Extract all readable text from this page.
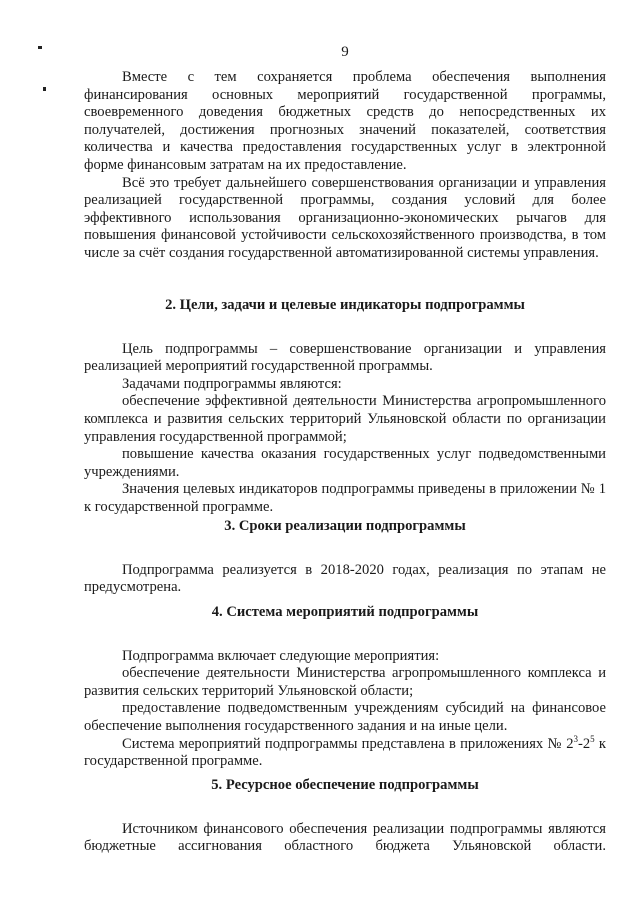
9

Вместе с тем сохраняется проблема обеспечения выполнения финансирования основных мероприятий государственной программы, своевременного доведения бюджетных средств до непосредственных их получателей, достижения прогнозных значений показателей, соответствия количества и качества предоставления государственных услуг в электронной форме финансовым затратам на их предоставление.

Всё это требует дальнейшего совершенствования организации и управления реализацией государственной программы, создания условий для более эффективного использования организационно-экономических рычагов для повышения финансовой устойчивости сельскохозяйственного производства, в том числе за счёт создания государственной автоматизированной системы управления.

2. Цели, задачи и целевые индикаторы подпрограммы

Цель подпрограммы – совершенствование организации и управления реализацией мероприятий государственной программы.

Задачами подпрограммы являются:

обеспечение эффективной деятельности Министерства агропромышленного комплекса и развития сельских территорий Ульяновской области по организации управления государственной программой;

повышение качества оказания государственных услуг подведомственными учреждениями.

Значения целевых индикаторов подпрограммы приведены в приложении № 1 к государственной программе.

3. Сроки реализации подпрограммы

Подпрограмма реализуется в 2018-2020 годах, реализация по этапам не предусмотрена.

4. Система мероприятий подпрограммы

Подпрограмма включает следующие мероприятия:

обеспечение деятельности Министерства агропромышленного комплекса и развития сельских территорий Ульяновской области;

предоставление подведомственным учреждениям субсидий на финансовое обеспечение выполнения государственного задания и на иные цели.

Система мероприятий подпрограммы представлена в приложениях № $2^3-2^5$ к государственной программе.

5. Ресурсное обеспечение подпрограммы

Источником финансового обеспечения реализации подпрограммы являются бюджетные ассигнования областного бюджета Ульяновской области.
